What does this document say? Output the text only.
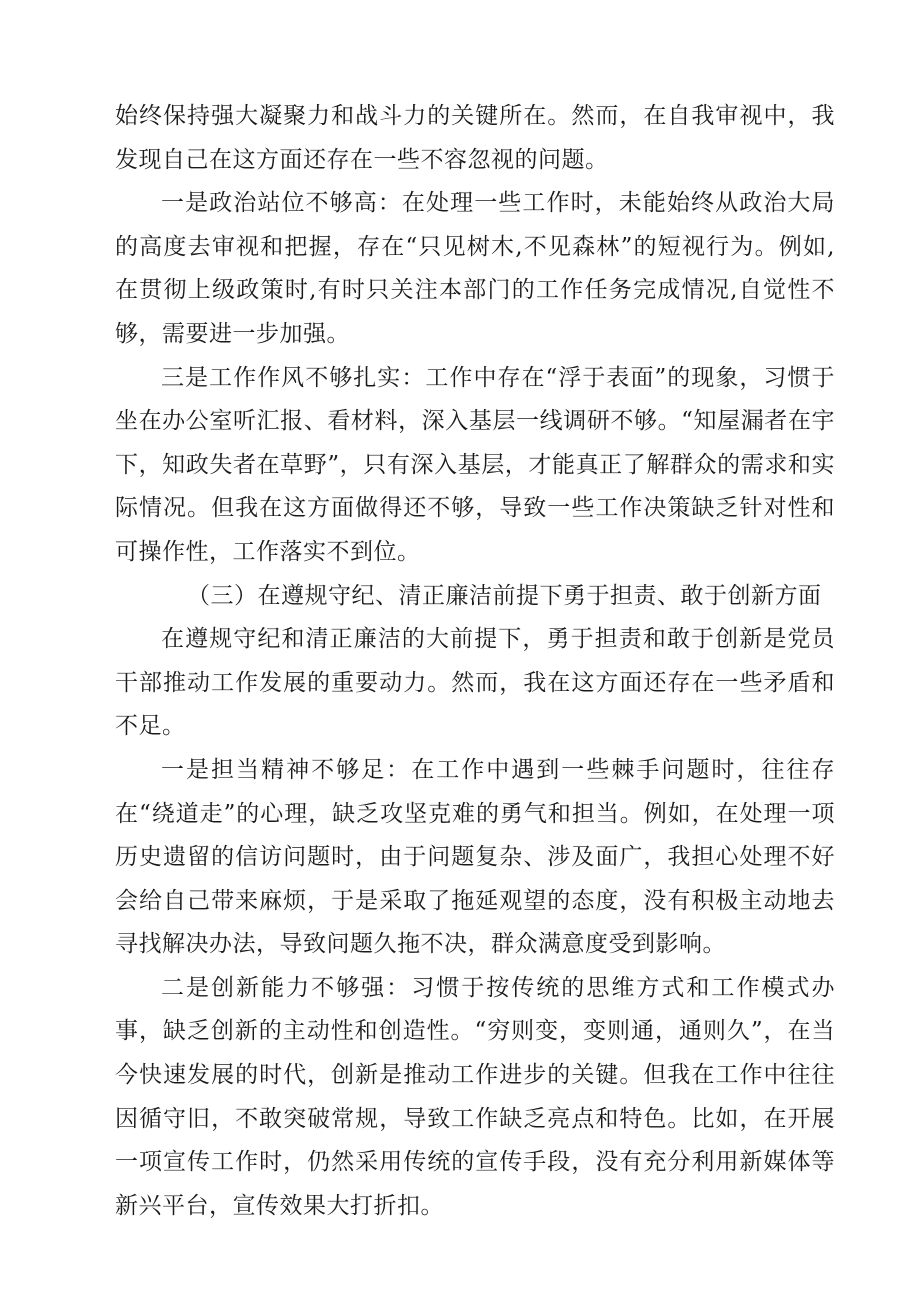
始终保持强大凝聚力和战斗力的关键所在。然而，在自我审视中，我发现自己在这方面还存在一些不容忽视的问题。

一是政治站位不够高：在处理一些工作时，未能始终从政治大局的高度去审视和把握，存在“只见树木,不见森林”的短视行为。例如,在贯彻上级政策时,有时只关注本部门的工作任务完成情况,自觉性不够，需要进一步加强。

三是工作作风不够扎实：工作中存在“浮于表面”的现象，习惯于坐在办公室听汇报、看材料，深入基层一线调研不够。“知屋漏者在宇下，知政失者在草野”，只有深入基层，才能真正了解群众的需求和实际情况。但我在这方面做得还不够，导致一些工作决策缺乏针对性和可操作性，工作落实不到位。

（三）在遵规守纪、清正廉洁前提下勇于担责、敢于创新方面

在遵规守纪和清正廉洁的大前提下，勇于担责和敢于创新是党员干部推动工作发展的重要动力。然而，我在这方面还存在一些矛盾和不足。

一是担当精神不够足：在工作中遇到一些棘手问题时，往往存在“绕道走”的心理，缺乏攻坚克难的勇气和担当。例如，在处理一项历史遗留的信访问题时，由于问题复杂、涉及面广，我担心处理不好会给自己带来麻烦，于是采取了拖延观望的态度，没有积极主动地去寻找解决办法，导致问题久拖不决，群众满意度受到影响。

二是创新能力不够强：习惯于按传统的思维方式和工作模式办事，缺乏创新的主动性和创造性。“穷则变，变则通，通则久”，在当今快速发展的时代，创新是推动工作进步的关键。但我在工作中往往因循守旧，不敢突破常规，导致工作缺乏亮点和特色。比如，在开展一项宣传工作时，仍然采用传统的宣传手段，没有充分利用新媒体等新兴平台，宣传效果大打折扣。
